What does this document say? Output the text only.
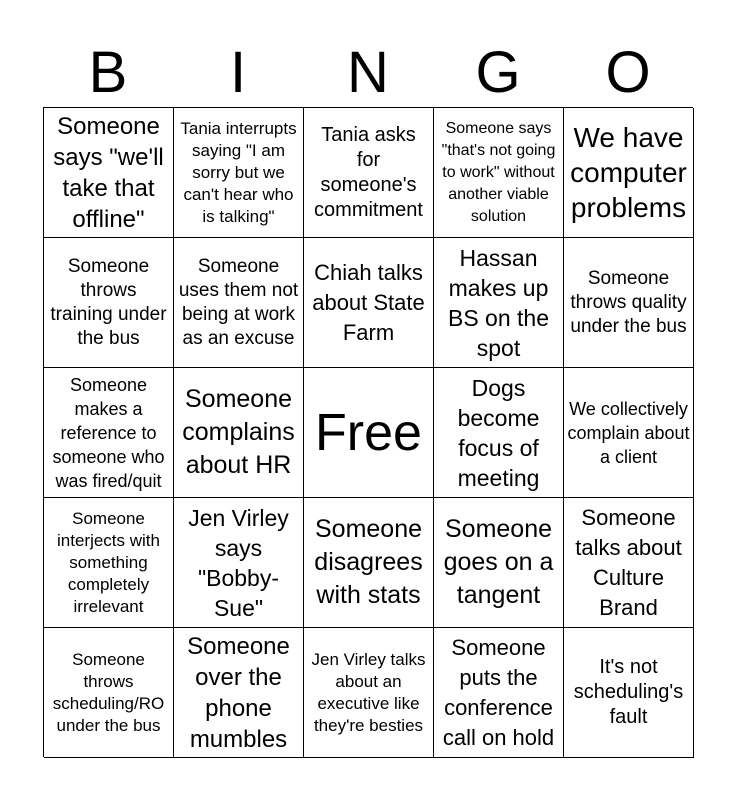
B	I	N	G	O
Someone says "we'll take that offline"
Tania interrupts saying "I am sorry but we can't hear who is talking"
Tania asks for someone's commitment
Someone says "that's not going to work" without another viable solution
We have computer problems
Someone throws training under the bus
Someone uses them not being at work as an excuse
Chiah talks about State Farm
Hassan makes up BS on the spot
Someone throws quality under the bus
Someone makes a reference to someone who was fired/quit
Someone complains about HR
Free
Dogs become focus of meeting
We collectively complain about a client
Someone interjects with something completely irrelevant
Jen Virley says "Bobby-Sue"
Someone disagrees with stats
Someone goes on a tangent
Someone talks about Culture Brand
Someone throws scheduling/RO under the bus
Someone over the phone mumbles
Jen Virley talks about an executive like they're besties
Someone puts the conference call on hold
It's not scheduling's fault
